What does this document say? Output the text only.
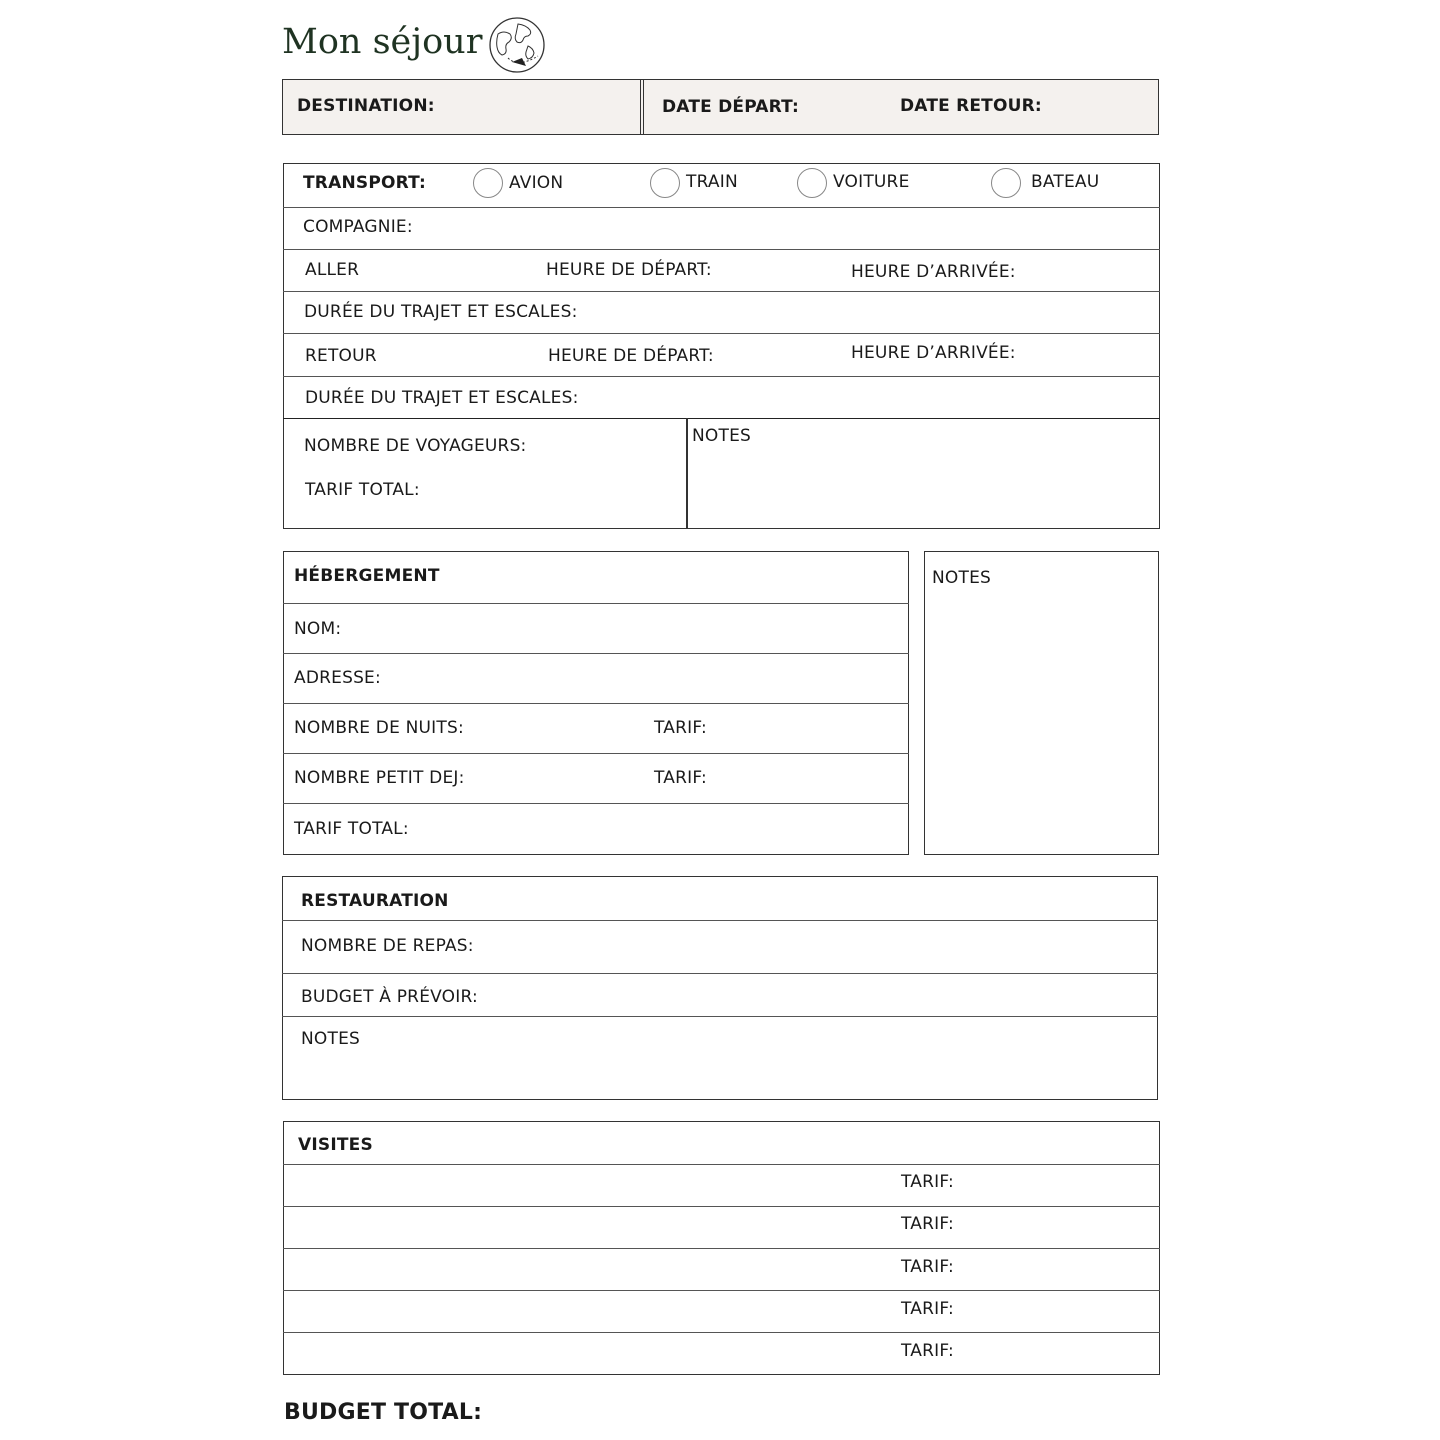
Mon séjour
DESTINATION:	DATE DÉPART:	DATE RETOUR:
TRANSPORT:	AVION	TRAIN	VOITURE	BATEAU
COMPAGNIE:
ALLER	HEURE DE DÉPART:	HEURE D’ARRIVÉE:
DURÉE DU TRAJET ET ESCALES:
RETOUR	HEURE DE DÉPART:	HEURE D’ARRIVÉE:
DURÉE DU TRAJET ET ESCALES:
NOMBRE DE VOYAGEURS:
TARIF TOTAL:
NOTES
HÉBERGEMENT
NOM:
ADRESSE:
NOMBRE DE NUITS:	TARIF:
NOMBRE PETIT DEJ:	TARIF:
TARIF TOTAL:
NOTES
RESTAURATION
NOMBRE DE REPAS:
BUDGET À PRÉVOIR:
NOTES
VISITES
TARIF:
TARIF:
TARIF:
TARIF:
TARIF:
BUDGET TOTAL:
